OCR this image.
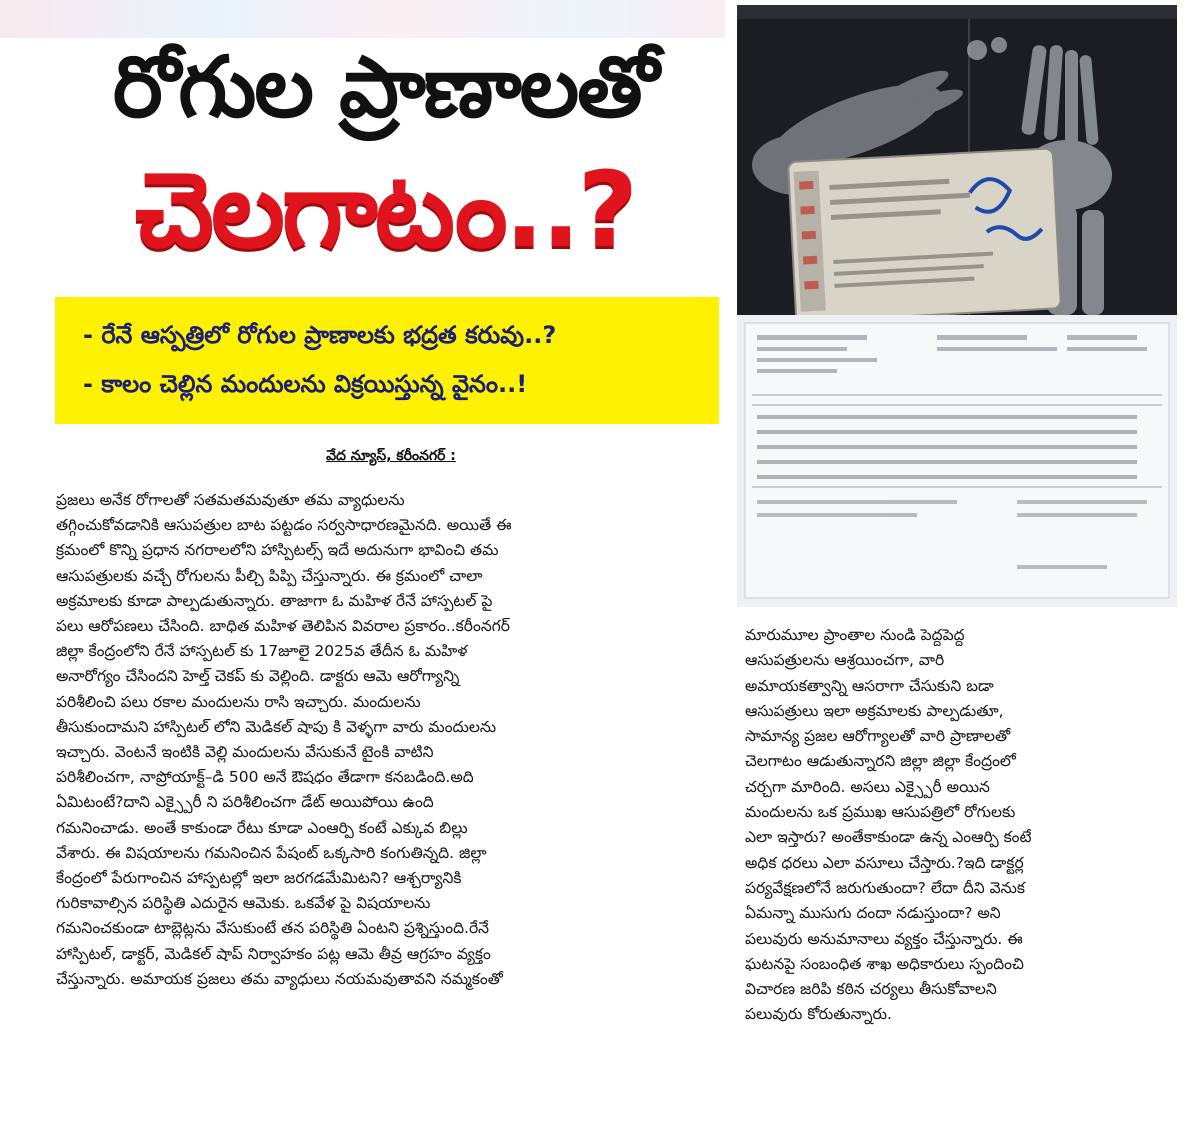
రోగుల ప్రాణాలతో
చెలగాటం..?
- రేనే ఆస్పత్రిలో రోగుల ప్రాణాలకు భద్రత కరువు..?
- కాలం చెల్లిన మందులను విక్రయిస్తున్న వైనం..!
వేద న్యూస్, కరీంనగర్ :

ప్రజలు అనేక రోగాలతో సతమతమవుతూ తమ వ్యాధులను

తగ్గించుకోవడానికి ఆసుపత్రుల బాట పట్టడం సర్వసాధారణమైనది. అయితే ఈ

క్రమంలో కొన్ని ప్రధాన నగరాలలోని హాస్పిటల్స్ ఇదే అదునుగా భావించి తమ

ఆసుపత్రులకు వచ్చే రోగులను పీల్చి పిప్పి చేస్తున్నారు. ఈ క్రమంలో చాలా

అక్రమాలకు కూడా పాల్పడుతున్నారు. తాజాగా ఓ మహిళ రేనే హాస్పటల్ పై

పలు ఆరోపణలు చేసింది. బాధిత మహిళ తెలిపిన వివరాల ప్రకారం..కరీంనగర్

జిల్లా కేంద్రంలోని రేనే హాస్పటల్ కు 17జూలై 2025వ తేదీన ఓ మహిళ

అనారోగ్యం చేసిందని హెల్త్ చెకప్ కు వెల్లింది. డాక్టరు ఆమె ఆరోగ్యాన్ని

పరిశీలించి పలు రకాల మందులను రాసి ఇచ్చారు. మందులను

తీసుకుందామని హాస్పిటల్ లోని మెడికల్ షాపు కి వెళ్ళగా వారు మందులను

ఇచ్చారు. వెంటనే ఇంటికి వెల్లి మందులను వేసుకునే టైంకి వాటిని

పరిశీలించగా, నాప్రోయాక్ట్–డి 500 అనే ఔషధం తేడాగా కనబడింది.అది

ఏమిటంటే?దాని ఎక్స్పైరీ ని పరిశీలించగా డేట్ అయిపోయి ఉంది

గమనించాడు. అంతే కాకుండా రేటు కూడా ఎంఆర్పి కంటే ఎక్కువ బిల్లు

వేశారు. ఈ విషయాలను గమనించిన పేషంట్ ఒక్కసారి కంగుతిన్నది. జిల్లా

కేంద్రంలో పేరుగాంచిన హాస్పటల్లో ఇలా జరగడమేమిటని? ఆశ్చర్యానికి

గురికావాల్సిన పరిస్థితి ఎదురైన ఆమెకు. ఒకవేళ పై విషయాలను

గమనించకుండా టాబ్లెట్లను వేసుకుంటే తన పరిస్థితి ఏంటని ప్రశ్నిస్తుంది.రేనే

హాస్పిటల్, డాక్టర్, మెడికల్ షాప్ నిర్వాహకం పట్ల ఆమె తీవ్ర ఆగ్రహం వ్యక్తం

చేస్తున్నారు. అమాయక ప్రజలు తమ వ్యాధులు నయమవుతావని నమ్మకంతో

మారుమూల ప్రాంతాల నుండి పెద్దపెద్ద

ఆసుపత్రులను ఆశ్రయించగా, వారి

అమాయకత్వాన్ని ఆసరాగా చేసుకుని బడా

ఆసుపత్రులు ఇలా అక్రమాలకు పాల్పడుతూ,

సామాన్య ప్రజల ఆరోగ్యాలతో వారి ప్రాణాలతో

చెలగాటం ఆడుతున్నారని జిల్లా జిల్లా కేంద్రంలో

చర్చగా మారింది. అసలు ఎక్స్పైరీ అయిన

మందులను ఒక ప్రముఖ ఆసుపత్రిలో రోగులకు

ఎలా ఇస్తారు? అంతేకాకుండా ఉన్న ఎంఆర్పి కంటే

అధిక ధరలు ఎలా వసూలు చేస్తారు.?ఇది డాక్టర్ల

పర్యవేక్షణలోనే జరుగుతుందా? లేదా దీని వెనుక

ఏమన్నా ముసుగు దందా నడుస్తుందా? అని

పలువురు అనుమానాలు వ్యక్తం చేస్తున్నారు. ఈ

ఘటనపై సంబంధిత శాఖ అధికారులు స్పందించి

విచారణ జరిపి కఠిన చర్యలు తీసుకోవాలని

పలువురు కోరుతున్నారు.
